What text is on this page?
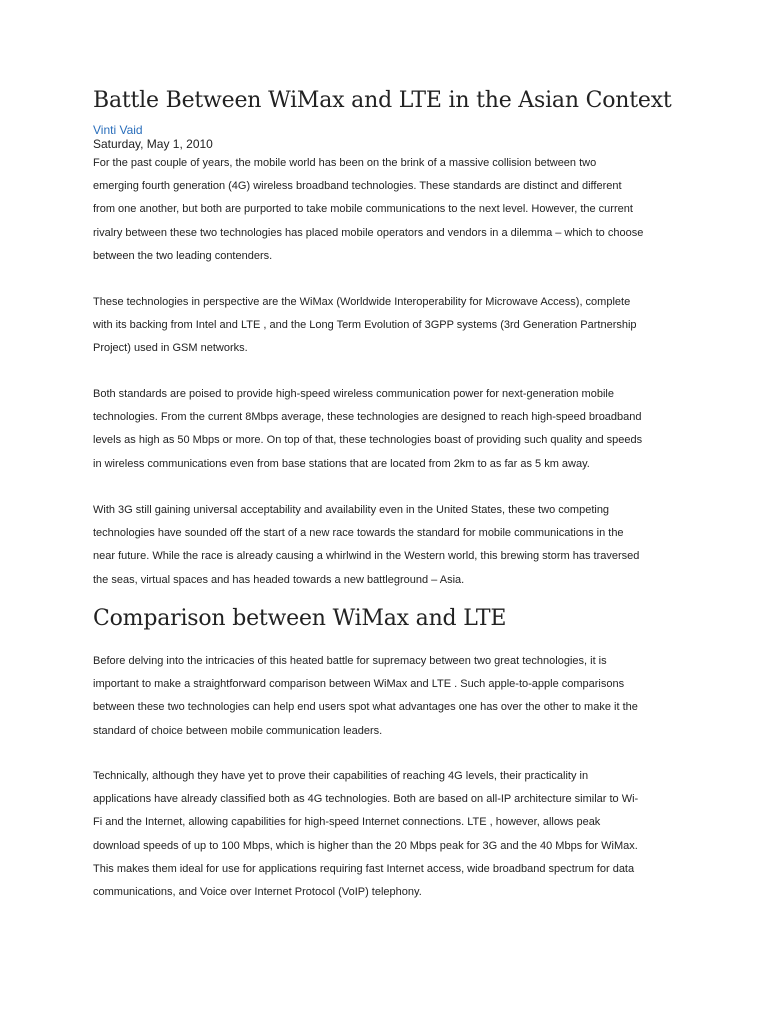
Battle Between WiMax and LTE in the Asian Context
Vinti Vaid
Saturday, May 1, 2010

For the past couple of years, the mobile world has been on the brink of a massive collision between two
emerging fourth generation (4G) wireless broadband technologies. These standards are distinct and different
from one another, but both are purported to take mobile communications to the next level. However, the current
rivalry between these two technologies has placed mobile operators and vendors in a dilemma – which to choose
between the two leading contenders.

These technologies in perspective are the WiMax (Worldwide Interoperability for Microwave Access), complete
with its backing from Intel and LTE , and the Long Term Evolution of 3GPP systems (3rd Generation Partnership
Project) used in GSM networks.

Both standards are poised to provide high-speed wireless communication power for next-generation mobile
technologies. From the current 8Mbps average, these technologies are designed to reach high-speed broadband
levels as high as 50 Mbps or more. On top of that, these technologies boast of providing such quality and speeds
in wireless communications even from base stations that are located from 2km to as far as 5 km away.

With 3G still gaining universal acceptability and availability even in the United States, these two competing
technologies have sounded off the start of a new race towards the standard for mobile communications in the
near future. While the race is already causing a whirlwind in the Western world, this brewing storm has traversed
the seas, virtual spaces and has headed towards a new battleground – Asia.

Comparison between WiMax and LTE

Before delving into the intricacies of this heated battle for supremacy between two great technologies, it is
important to make a straightforward comparison between WiMax and LTE . Such apple-to-apple comparisons
between these two technologies can help end users spot what advantages one has over the other to make it the
standard of choice between mobile communication leaders.

Technically, although they have yet to prove their capabilities of reaching 4G levels, their practicality in
applications have already classified both as 4G technologies. Both are based on all-IP architecture similar to Wi-
Fi and the Internet, allowing capabilities for high-speed Internet connections. LTE , however, allows peak
download speeds of up to 100 Mbps, which is higher than the 20 Mbps peak for 3G and the 40 Mbps for WiMax.
This makes them ideal for use for applications requiring fast Internet access, wide broadband spectrum for data
communications, and Voice over Internet Protocol (VoIP) telephony.
